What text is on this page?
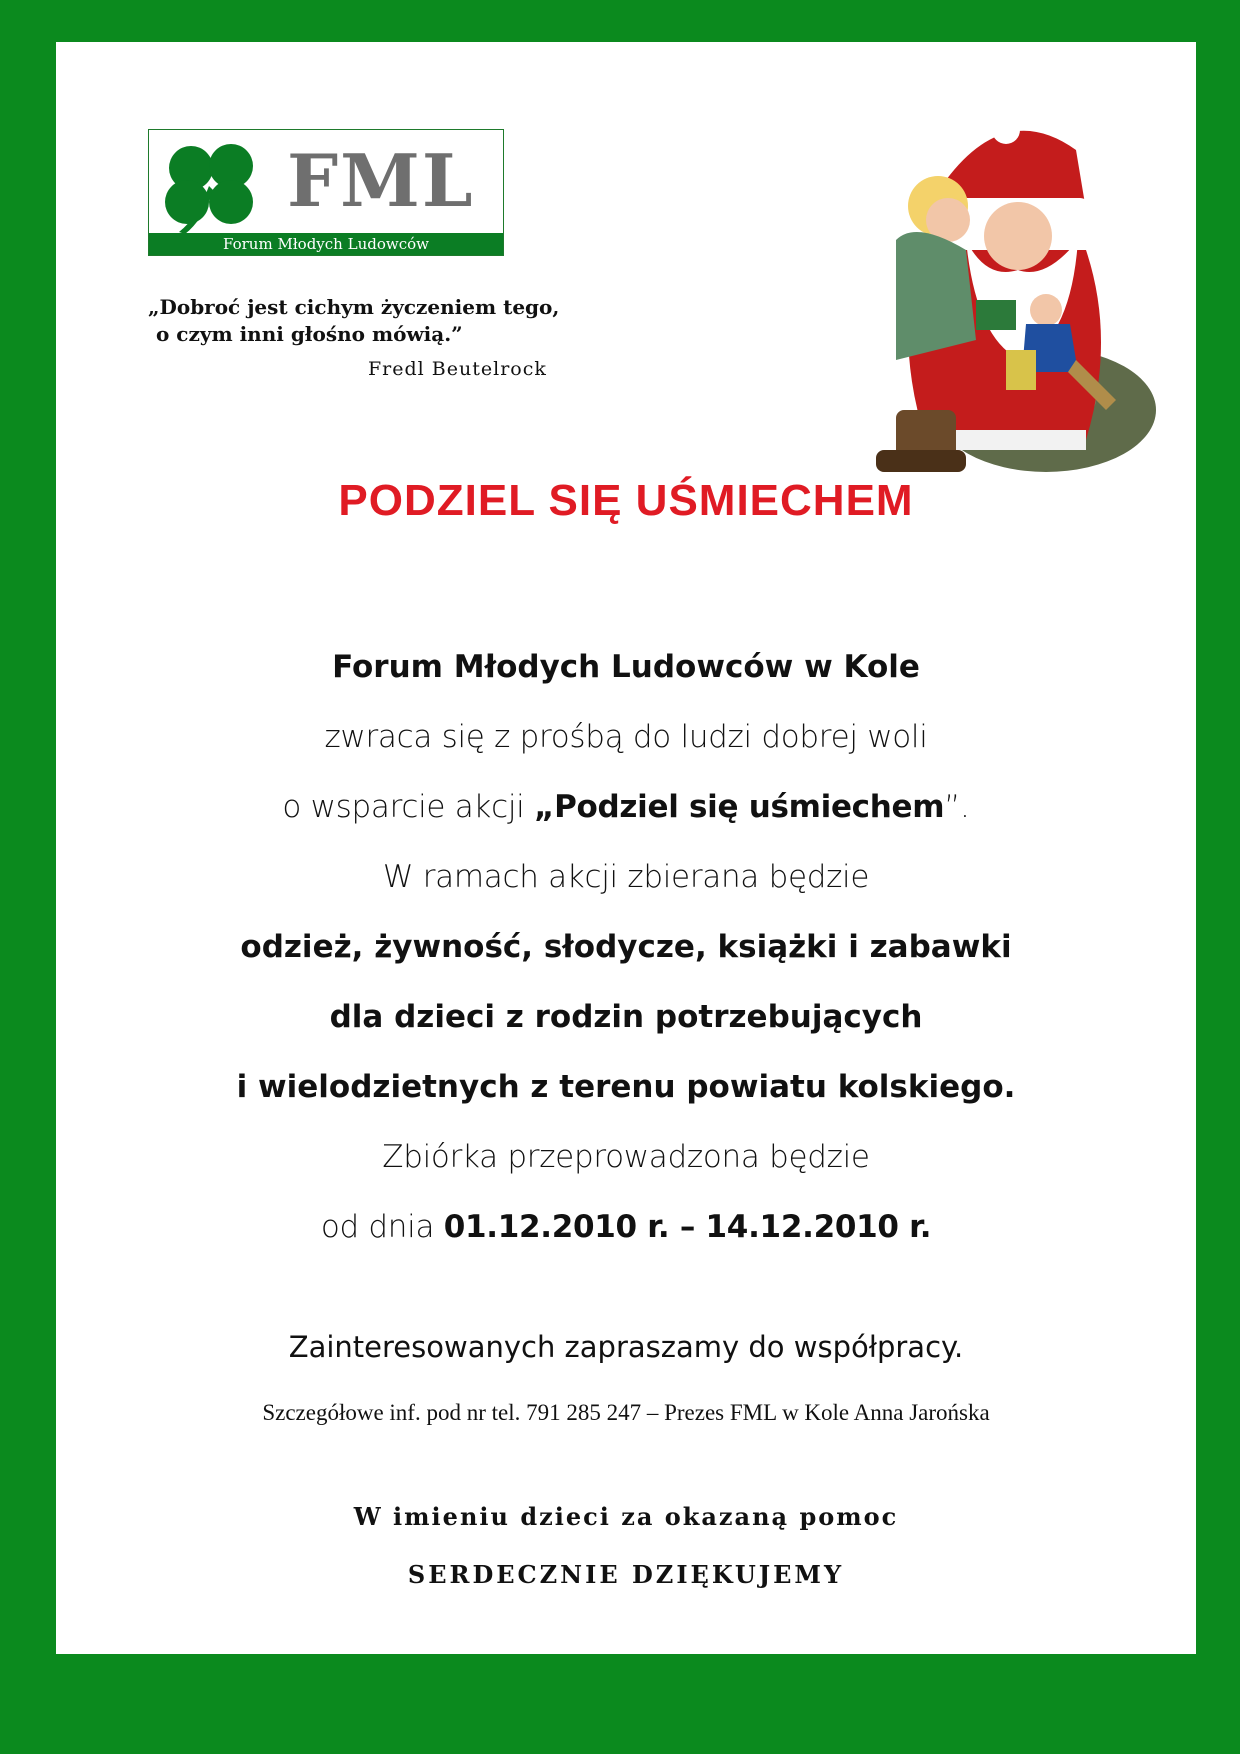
FML
Forum Młodych Ludowców
„Dobroć jest cichym życzeniem tego,
o czym inni głośno mówią.”
Fredl Beutelrock
PODZIEL SIĘ UŚMIECHEM
Forum Młodych Ludowców w Kole
zwraca się z prośbą do ludzi dobrej woli
o wsparcie akcji „Podziel się uśmiechem”.
W ramach akcji zbierana będzie
odzież, żywność, słodycze, książki i zabawki
dla dzieci z rodzin potrzebujących
i wielodzietnych z terenu powiatu kolskiego.
Zbiórka przeprowadzona będzie
od dnia 01.12.2010 r. – 14.12.2010 r.
Zainteresowanych zapraszamy do współpracy.
Szczegółowe inf. pod nr tel. 791 285 247 – Prezes FML w Kole Anna Jarońska
W imieniu dzieci za okazaną pomoc
SERDECZNIE DZIĘKUJEMY
